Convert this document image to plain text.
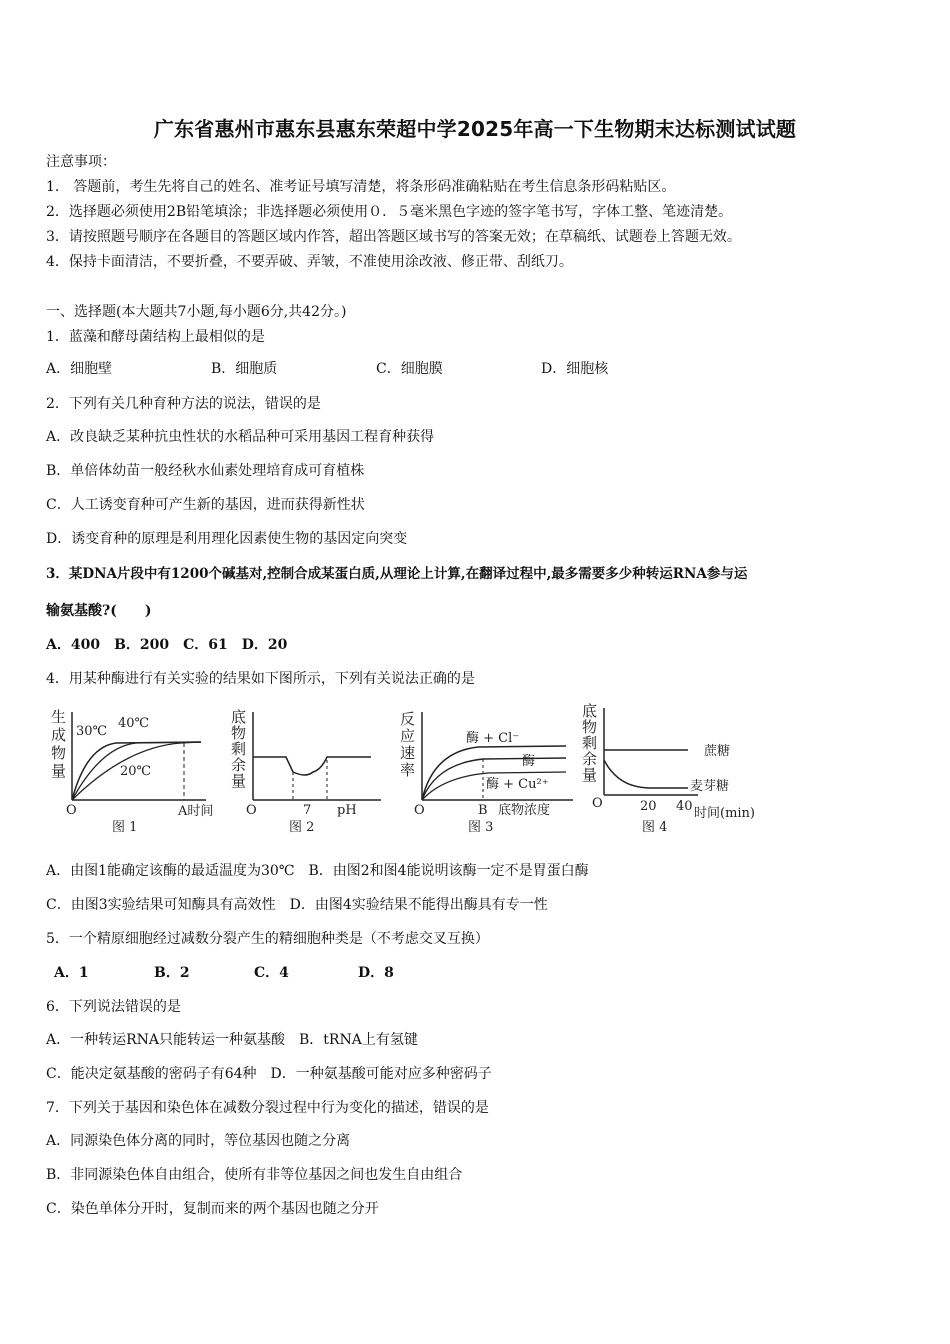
广东省惠州市惠东县惠东荣超中学2025年高一下生物期末达标测试试题
注意事项：
1.　答题前，考生先将自己的姓名、准考证号填写清楚，将条形码准确粘贴在考生信息条形码粘贴区。
2．选择题必须使用2B铅笔填涂；非选择题必须使用０．５毫米黑色字迹的签字笔书写，字体工整、笔迹清楚。
3．请按照题号顺序在各题目的答题区域内作答，超出答题区域书写的答案无效；在草稿纸、试题卷上答题无效。
4．保持卡面清洁，不要折叠，不要弄破、弄皱，不准使用涂改液、修正带、刮纸刀。
一、选择题(本大题共7小题,每小题6分,共42分。)
1．蓝藻和酵母菌结构上最相似的是
A．细胞壁	B．细胞质	C．细胞膜	D．细胞核
2．下列有关几种育种方法的说法，错误的是
A．改良缺乏某种抗虫性状的水稻品种可采用基因工程育种获得
B．单倍体幼苗一般经秋水仙素处理培育成可育植株
C．人工诱变育种可产生新的基因，进而获得新性状
D．诱变育种的原理是利用理化因素使生物的基因定向突变
3．某DNA片段中有1200个碱基对,控制合成某蛋白质,从理论上计算,在翻译过程中,最多需要多少种转运RNA参与运
输氨基酸?(　　)
A．400　B．200　C．61　D．20
4．用某种酶进行有关实验的结果如下图所示，下列有关说法正确的是
生
成
物
量
30℃
40℃
20℃
O	A时间
图 1
底
物
剩
余
量
O	7 pH
图 2
反
应
速
率
酶 + Cl⁻
酶
酶 + Cu²⁺
O	B 底物浓度
图 3
底
物
剩
余
量
蔗糖
麦芽糖
O	20 40 时间(min)
图 4
A．由图1能确定该酶的最适温度为30℃　B．由图2和图4能说明该酶一定不是胃蛋白酶
C．由图3实验结果可知酶具有高效性　D．由图4实验结果不能得出酶具有专一性
5．一个精原细胞经过减数分裂产生的精细胞种类是（不考虑交叉互换）
A．1	B．2	C．4	D．8
6．下列说法错误的是
A．一种转运RNA只能转运一种氨基酸　B．tRNA上有氢键
C．能决定氨基酸的密码子有64种　D．一种氨基酸可能对应多种密码子
7．下列关于基因和染色体在减数分裂过程中行为变化的描述，错误的是
A．同源染色体分离的同时，等位基因也随之分离
B．非同源染色体自由组合，使所有非等位基因之间也发生自由组合
C．染色单体分开时，复制而来的两个基因也随之分开
